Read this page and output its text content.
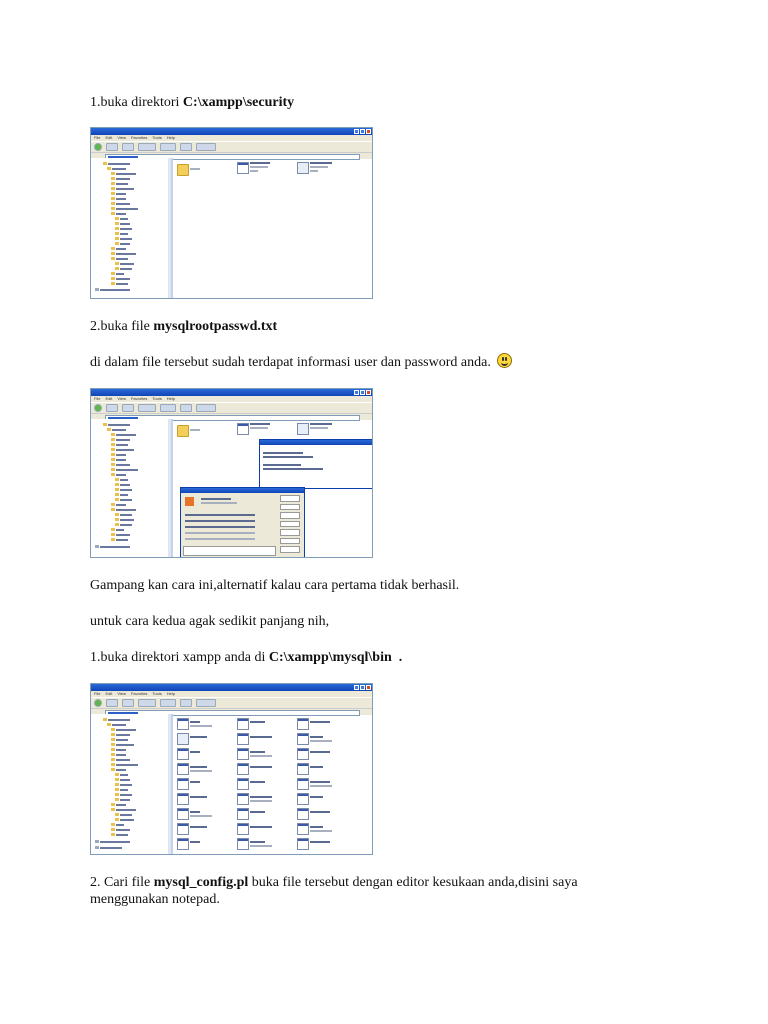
1.buka direktori C:\xampp\security
File Edit View Favorites Tools Help
2.buka file mysqlrootpasswd.txt
di dalam file tersebut sudah terdapat informasi user dan password anda.
File Edit View Favorites Tools Help
Gampang kan cara ini,alternatif kalau cara pertama tidak berhasil.
untuk cara kedua agak sedikit panjang nih,
1.buka direktori xampp anda di C:\xampp\mysql\bin  .
File Edit View Favorites Tools Help
2. Cari file mysql_config.pl buka file tersebut dengan editor kesukaan anda,disini saya
menggunakan notepad.
